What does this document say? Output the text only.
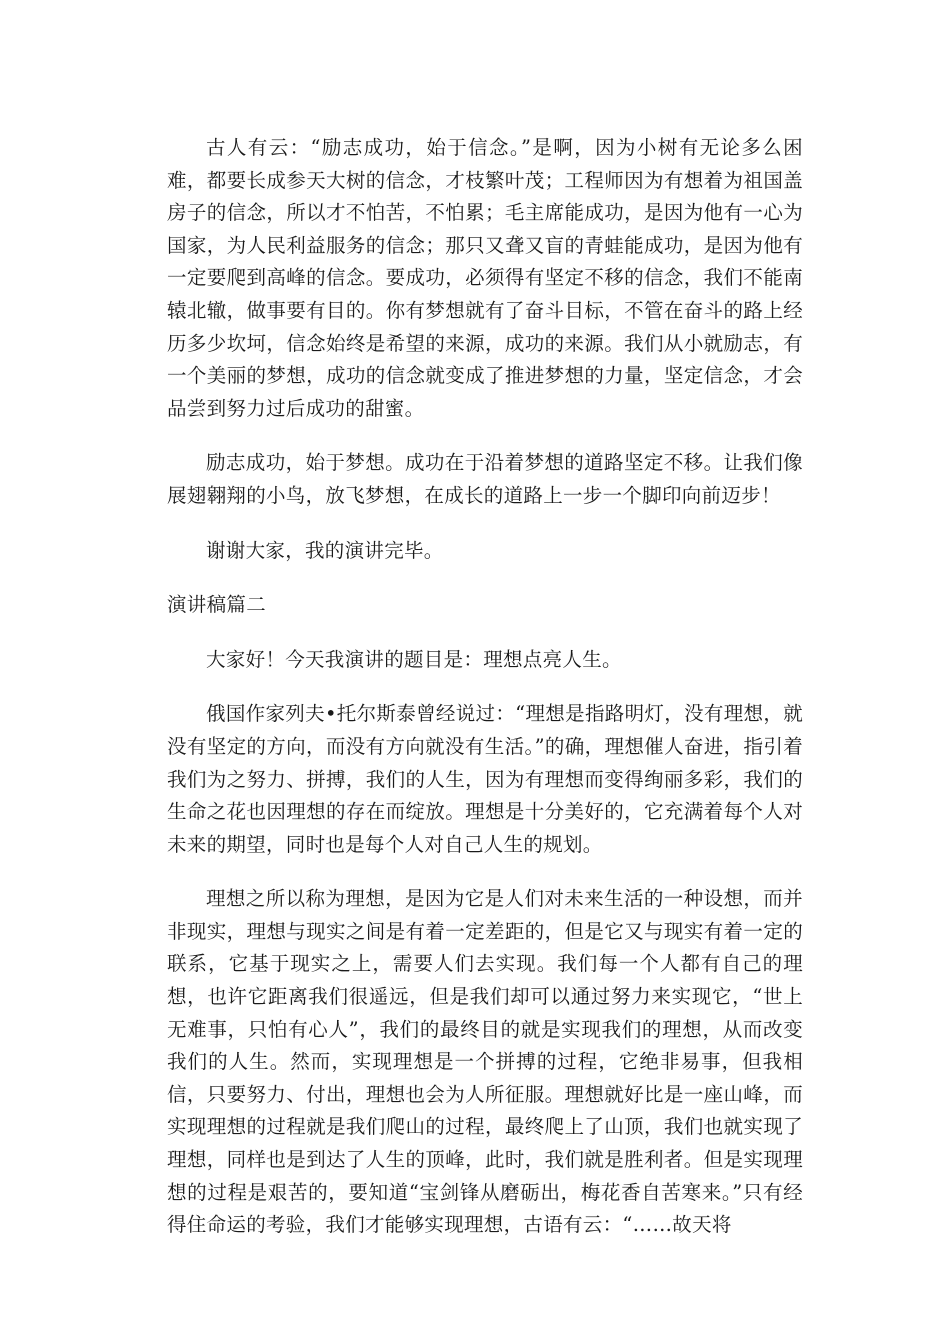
古人有云：“励志成功，始于信念。”是啊，因为小树有无论多么困难，都要长成参天大树的信念，才枝繁叶茂；工程师因为有想着为祖国盖房子的信念，所以才不怕苦，不怕累；毛主席能成功，是因为他有一心为国家，为人民利益服务的信念；那只又聋又盲的青蛙能成功，是因为他有一定要爬到高峰的信念。要成功，必须得有坚定不移的信念，我们不能南辕北辙，做事要有目的。你有梦想就有了奋斗目标，不管在奋斗的路上经历多少坎坷，信念始终是希望的来源，成功的来源。我们从小就励志，有一个美丽的梦想，成功的信念就变成了推进梦想的力量，坚定信念，才会品尝到努力过后成功的甜蜜。

励志成功，始于梦想。成功在于沿着梦想的道路坚定不移。让我们像展翅翱翔的小鸟，放飞梦想，在成长的道路上一步一个脚印向前迈步！

谢谢大家，我的演讲完毕。

演讲稿篇二

大家好！今天我演讲的题目是：理想点亮人生。

俄国作家列夫•托尔斯泰曾经说过：“理想是指路明灯，没有理想，就没有坚定的方向，而没有方向就没有生活。”的确，理想催人奋进，指引着我们为之努力、拼搏，我们的人生，因为有理想而变得绚丽多彩，我们的生命之花也因理想的存在而绽放。理想是十分美好的，它充满着每个人对未来的期望，同时也是每个人对自己人生的规划。

理想之所以称为理想，是因为它是人们对未来生活的一种设想，而并非现实，理想与现实之间是有着一定差距的，但是它又与现实有着一定的联系，它基于现实之上，需要人们去实现。我们每一个人都有自己的理想，也许它距离我们很遥远，但是我们却可以通过努力来实现它，“世上无难事，只怕有心人”，我们的最终目的就是实现我们的理想，从而改变我们的人生。然而，实现理想是一个拼搏的过程，它绝非易事，但我相信，只要努力、付出，理想也会为人所征服。理想就好比是一座山峰，而实现理想的过程就是我们爬山的过程，最终爬上了山顶，我们也就实现了理想，同样也是到达了人生的顶峰，此时，我们就是胜利者。但是实现理想的过程是艰苦的，要知道“宝剑锋从磨砺出，梅花香自苦寒来。”只有经得住命运的考验，我们才能够实现理想，古语有云：“……故天将
